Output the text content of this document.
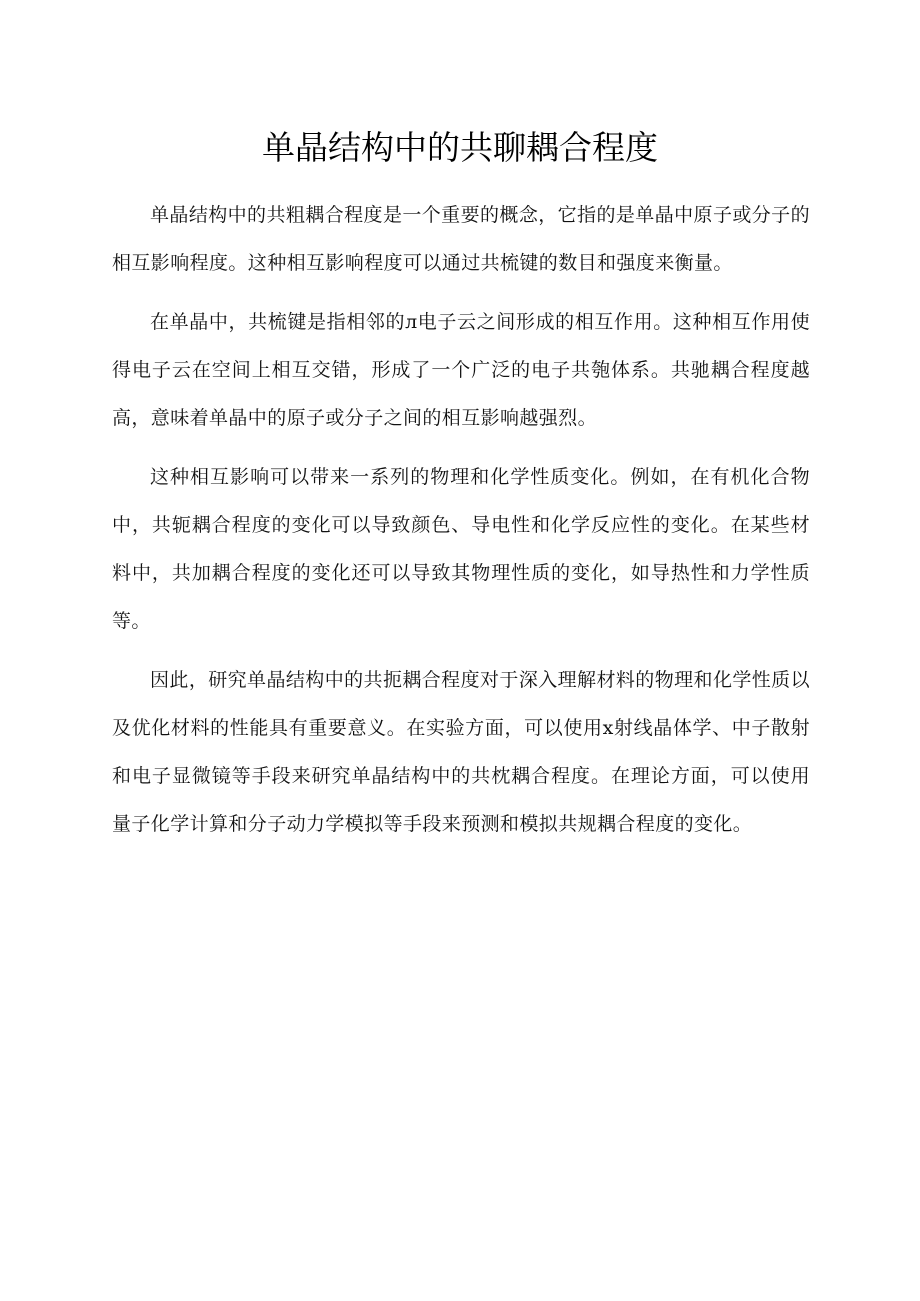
单晶结构中的共聊耦合程度

单晶结构中的共粗耦合程度是一个重要的概念，它指的是单晶中原子或分子的相互影响程度。这种相互影响程度可以通过共梳键的数目和强度来衡量。

在单晶中，共梳键是指相邻的л电子云之间形成的相互作用。这种相互作用使得电子云在空间上相互交错，形成了一个广泛的电子共匏体系。共驰耦合程度越高，意味着单晶中的原子或分子之间的相互影响越强烈。

这种相互影响可以带来一系列的物理和化学性质变化。例如，在有机化合物中，共轭耦合程度的变化可以导致颜色、导电性和化学反应性的变化。在某些材料中，共加耦合程度的变化还可以导致其物理性质的变化，如导热性和力学性质等。

因此，研究单晶结构中的共扼耦合程度对于深入理解材料的物理和化学性质以及优化材料的性能具有重要意义。在实验方面，可以使用x射线晶体学、中子散射和电子显微镜等手段来研究单晶结构中的共枕耦合程度。在理论方面，可以使用量子化学计算和分子动力学模拟等手段来预测和模拟共规耦合程度的变化。
